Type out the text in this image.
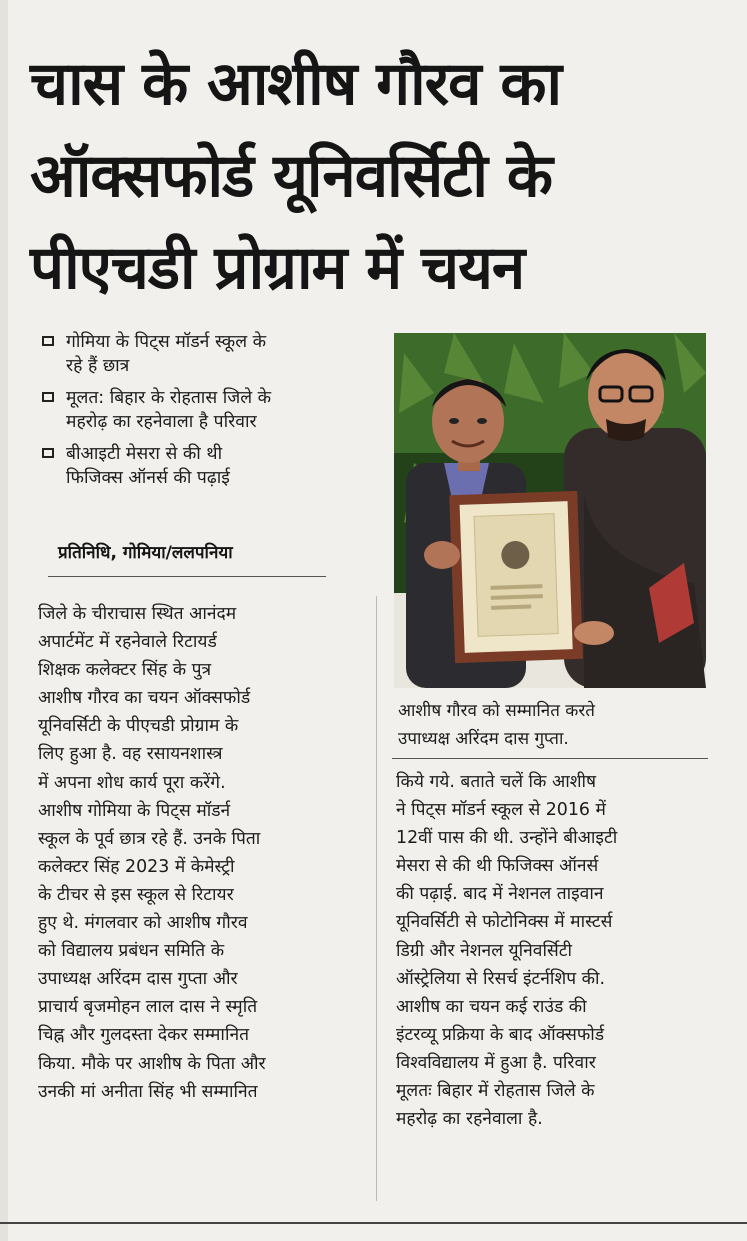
चास के आशीष गौरव का
ऑक्सफोर्ड यूनिवर्सिटी के
पीएचडी प्रोग्राम में चयन
गोमिया के पिट्स मॉडर्न स्कूल के
रहे हैं छात्र
मूलत: बिहार के रोहतास जिले के
महरोढ़ का रहनेवाला है परिवार
बीआइटी मेसरा से की थी
फिजिक्स ऑनर्स की पढ़ाई
प्रतिनिधि, गोमिया/ललपनिया
आशीष गौरव को सम्मानित करते
उपाध्यक्ष अरिंदम दास गुप्ता.
जिले के चीराचास स्थित आनंदम
अपार्टमेंट में रहनेवाले रिटायर्ड
शिक्षक कलेक्टर सिंह के पुत्र
आशीष गौरव का चयन ऑक्सफोर्ड
यूनिवर्सिटी के पीएचडी प्रोग्राम के
लिए हुआ है. वह रसायनशास्त्र
में अपना शोध कार्य पूरा करेंगे.
आशीष गोमिया के पिट्स मॉडर्न
स्कूल के पूर्व छात्र रहे हैं. उनके पिता
कलेक्टर सिंह 2023 में केमेस्ट्री
के टीचर से इस स्कूल से रिटायर
हुए थे. मंगलवार को आशीष गौरव
को विद्यालय प्रबंधन समिति के
उपाध्यक्ष अरिंदम दास गुप्ता और
प्राचार्य बृजमोहन लाल दास ने स्मृति
चिह्न और गुलदस्ता देकर सम्मानित
किया. मौके पर आशीष के पिता और
उनकी मां अनीता सिंह भी सम्मानित
किये गये. बताते चलें कि आशीष
ने पिट्स मॉडर्न स्कूल से 2016 में
12वीं पास की थी. उन्होंने बीआइटी
मेसरा से की थी फिजिक्स ऑनर्स
की पढ़ाई. बाद में नेशनल ताइवान
यूनिवर्सिटी से फोटोनिक्स में मास्टर्स
डिग्री और नेशनल यूनिवर्सिटी
ऑस्ट्रेलिया से रिसर्च इंटर्नशिप की.
आशीष का चयन कई राउंड की
इंटरव्यू प्रक्रिया के बाद ऑक्सफोर्ड
विश्वविद्यालय में हुआ है. परिवार
मूलतः बिहार में रोहतास जिले के
महरोढ़ का रहनेवाला है.
